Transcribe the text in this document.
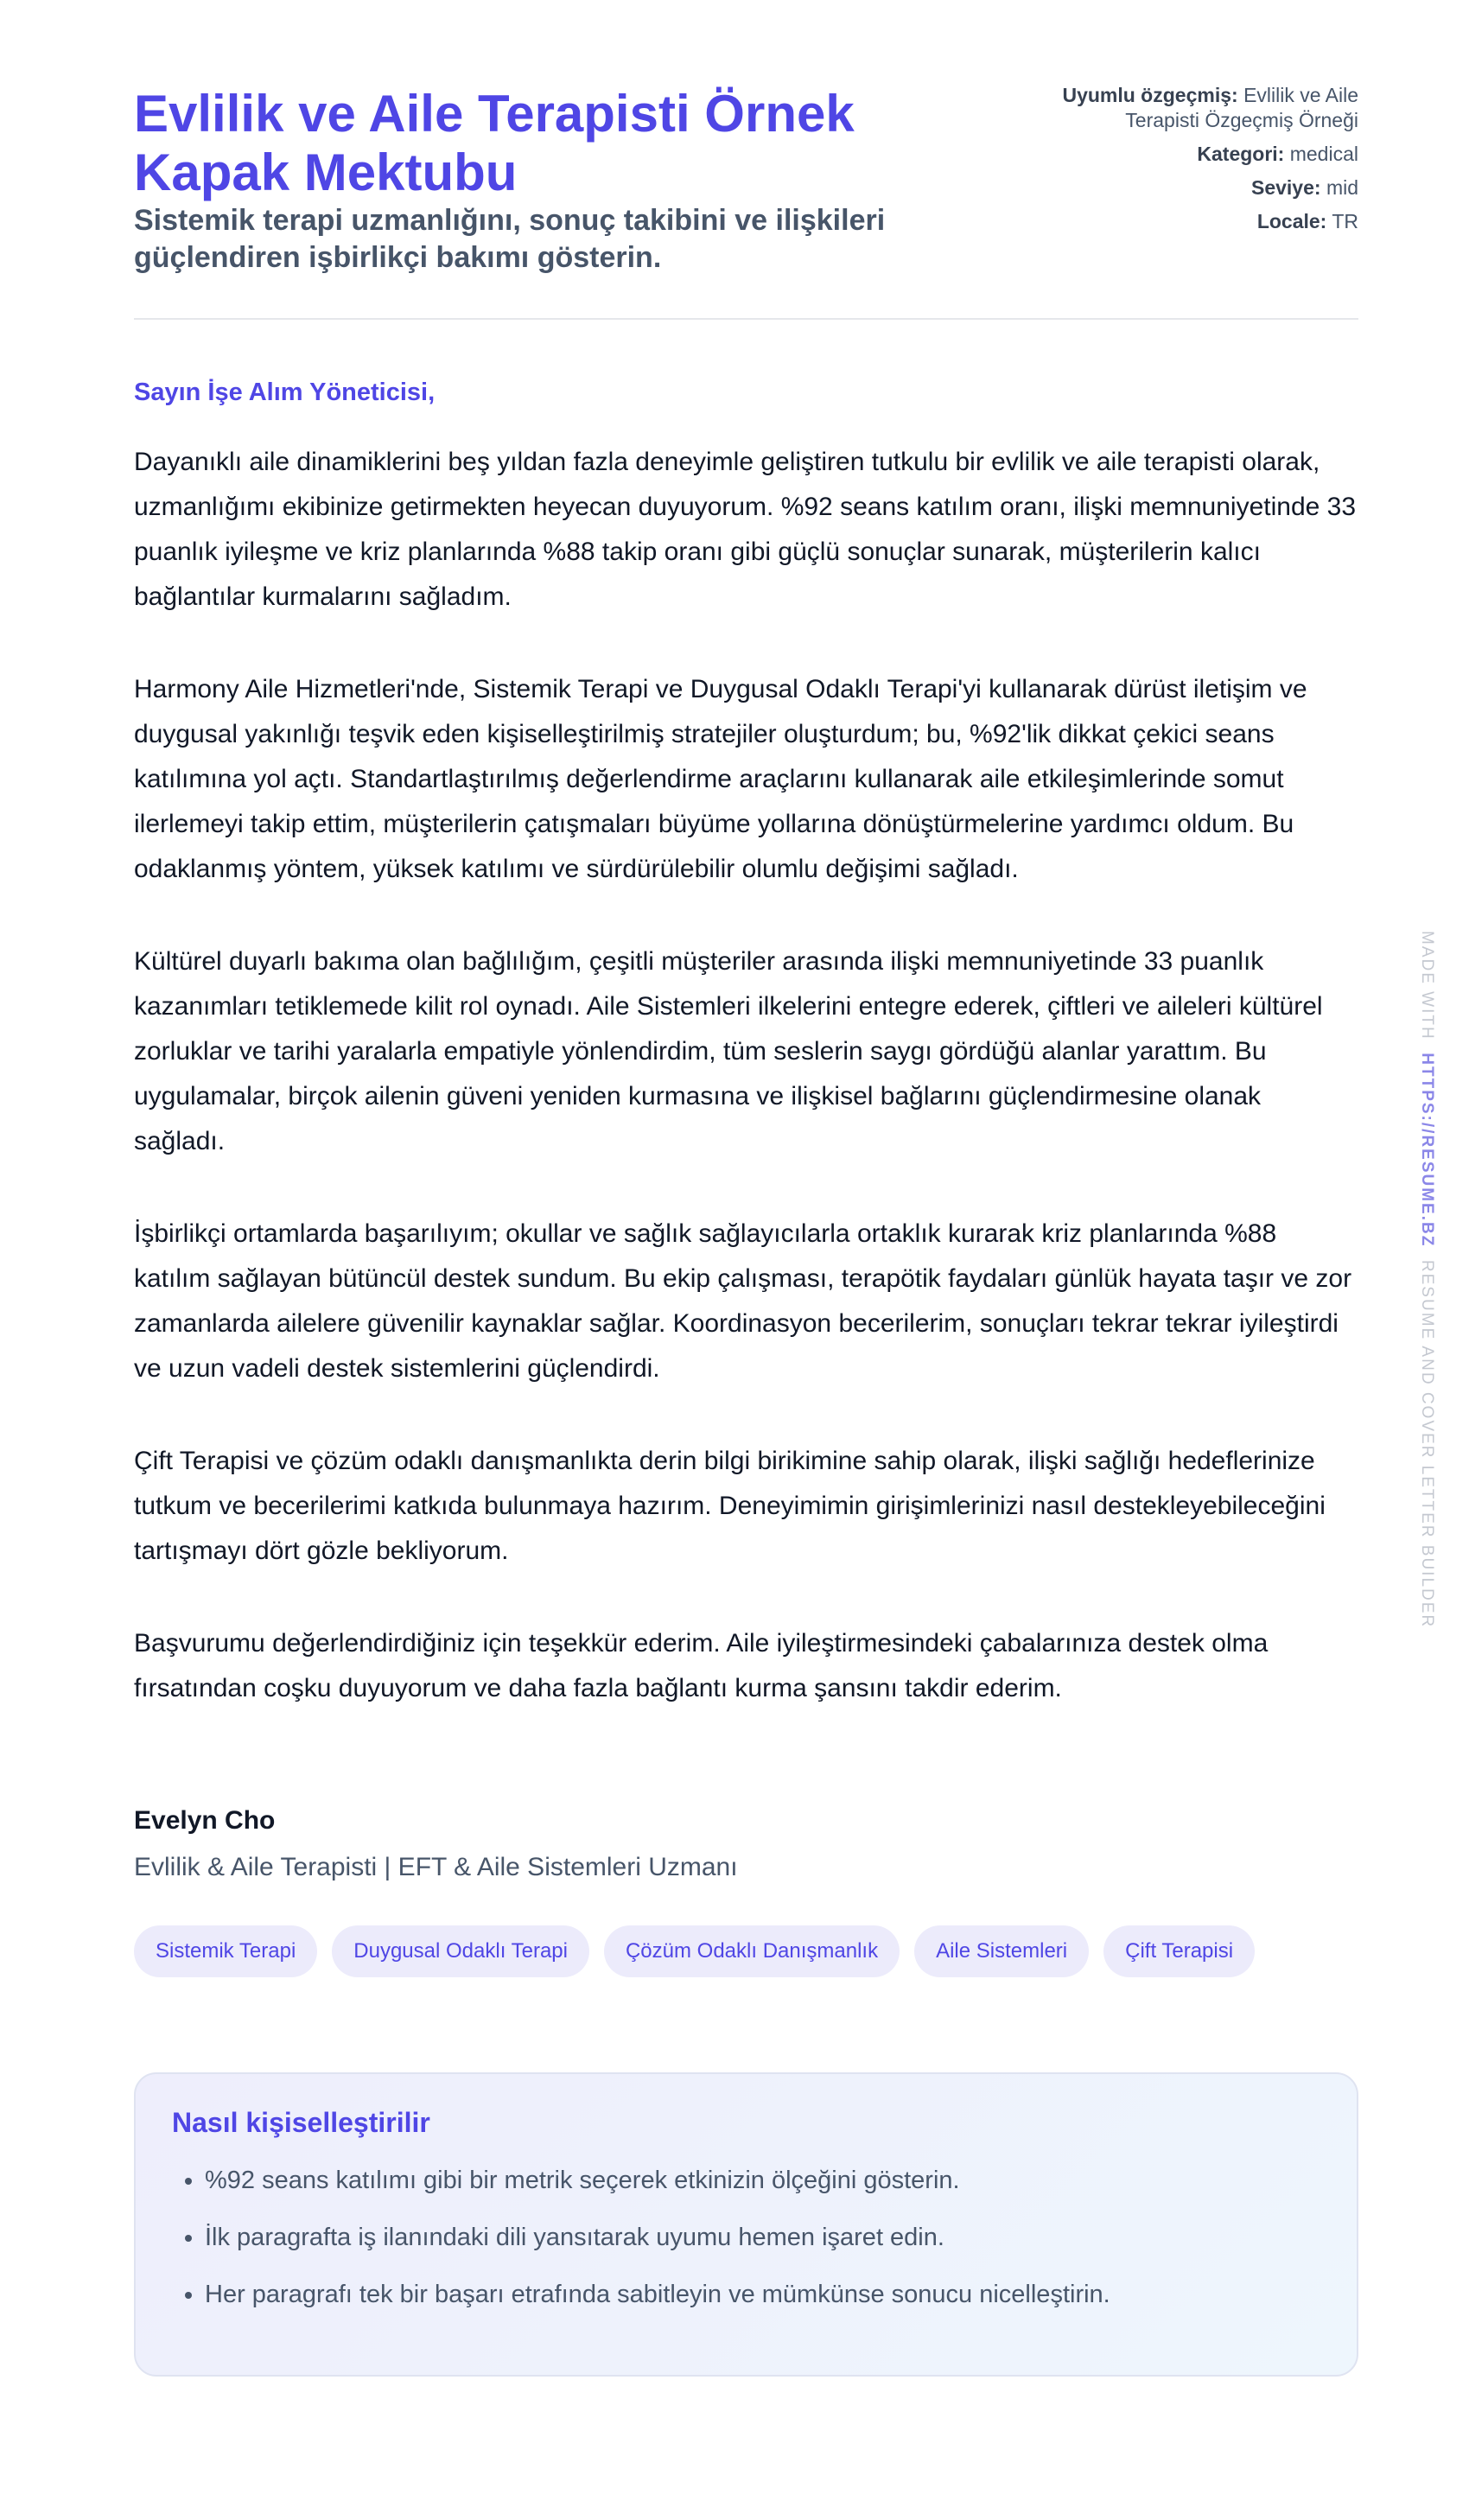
Evlilik ve Aile Terapisti Örnek Kapak Mektubu
Sistemik terapi uzmanlığını, sonuç takibini ve ilişkileri güçlendiren işbirlikçi bakımı gösterin.
Uyumlu özgeçmiş: Evlilik ve Aile Terapisti Özgeçmiş Örneği
Kategori: medical
Seviye: mid
Locale: TR
Sayın İşe Alım Yöneticisi,

Dayanıklı aile dinamiklerini beş yıldan fazla deneyimle geliştiren tutkulu bir evlilik ve aile terapisti olarak, uzmanlığımı ekibinize getirmekten heyecan duyuyorum. %92 seans katılım oranı, ilişki memnuniyetinde 33 puanlık iyileşme ve kriz planlarında %88 takip oranı gibi güçlü sonuçlar sunarak, müşterilerin kalıcı bağlantılar kurmalarını sağladım.

Harmony Aile Hizmetleri'nde, Sistemik Terapi ve Duygusal Odaklı Terapi'yi kullanarak dürüst iletişim ve duygusal yakınlığı teşvik eden kişiselleştirilmiş stratejiler oluşturdum; bu, %92'lik dikkat çekici seans katılımına yol açtı. Standartlaştırılmış değerlendirme araçlarını kullanarak aile etkileşimlerinde somut ilerlemeyi takip ettim, müşterilerin çatışmaları büyüme yollarına dönüştürmelerine yardımcı oldum. Bu odaklanmış yöntem, yüksek katılımı ve sürdürülebilir olumlu değişimi sağladı.

Kültürel duyarlı bakıma olan bağlılığım, çeşitli müşteriler arasında ilişki memnuniyetinde 33 puanlık kazanımları tetiklemede kilit rol oynadı. Aile Sistemleri ilkelerini entegre ederek, çiftleri ve aileleri kültürel zorluklar ve tarihi yaralarla empatiyle yönlendirdim, tüm seslerin saygı gördüğü alanlar yarattım. Bu uygulamalar, birçok ailenin güveni yeniden kurmasına ve ilişkisel bağlarını güçlendirmesine olanak sağladı.

İşbirlikçi ortamlarda başarılıyım; okullar ve sağlık sağlayıcılarla ortaklık kurarak kriz planlarında %88 katılım sağlayan bütüncül destek sundum. Bu ekip çalışması, terapötik faydaları günlük hayata taşır ve zor zamanlarda ailelere güvenilir kaynaklar sağlar. Koordinasyon becerilerim, sonuçları tekrar tekrar iyileştirdi ve uzun vadeli destek sistemlerini güçlendirdi.

Çift Terapisi ve çözüm odaklı danışmanlıkta derin bilgi birikimine sahip olarak, ilişki sağlığı hedeflerinize tutkum ve becerilerimi katkıda bulunmaya hazırım. Deneyimimin girişimlerinizi nasıl destekleyebileceğini tartışmayı dört gözle bekliyorum.

Başvurumu değerlendirdiğiniz için teşekkür ederim. Aile iyileştirmesindeki çabalarınıza destek olma fırsatından coşku duyuyorum ve daha fazla bağlantı kurma şansını takdir ederim.

Evelyn Cho
Evlilik & Aile Terapisti | EFT & Aile Sistemleri Uzmanı
Sistemik Terapi	Duygusal Odaklı Terapi	Çözüm Odaklı Danışmanlık	Aile Sistemleri	Çift Terapisi
Nasıl kişiselleştirilir
• %92 seans katılımı gibi bir metrik seçerek etkinizin ölçeğini gösterin.
• İlk paragrafta iş ilanındaki dili yansıtarak uyumu hemen işaret edin.
• Her paragrafı tek bir başarı etrafında sabitleyin ve mümkünse sonucu nicelleştirin.
MADE WITH  HTTPS://RESUME.BZ  RESUME AND COVER LETTER BUILDER
